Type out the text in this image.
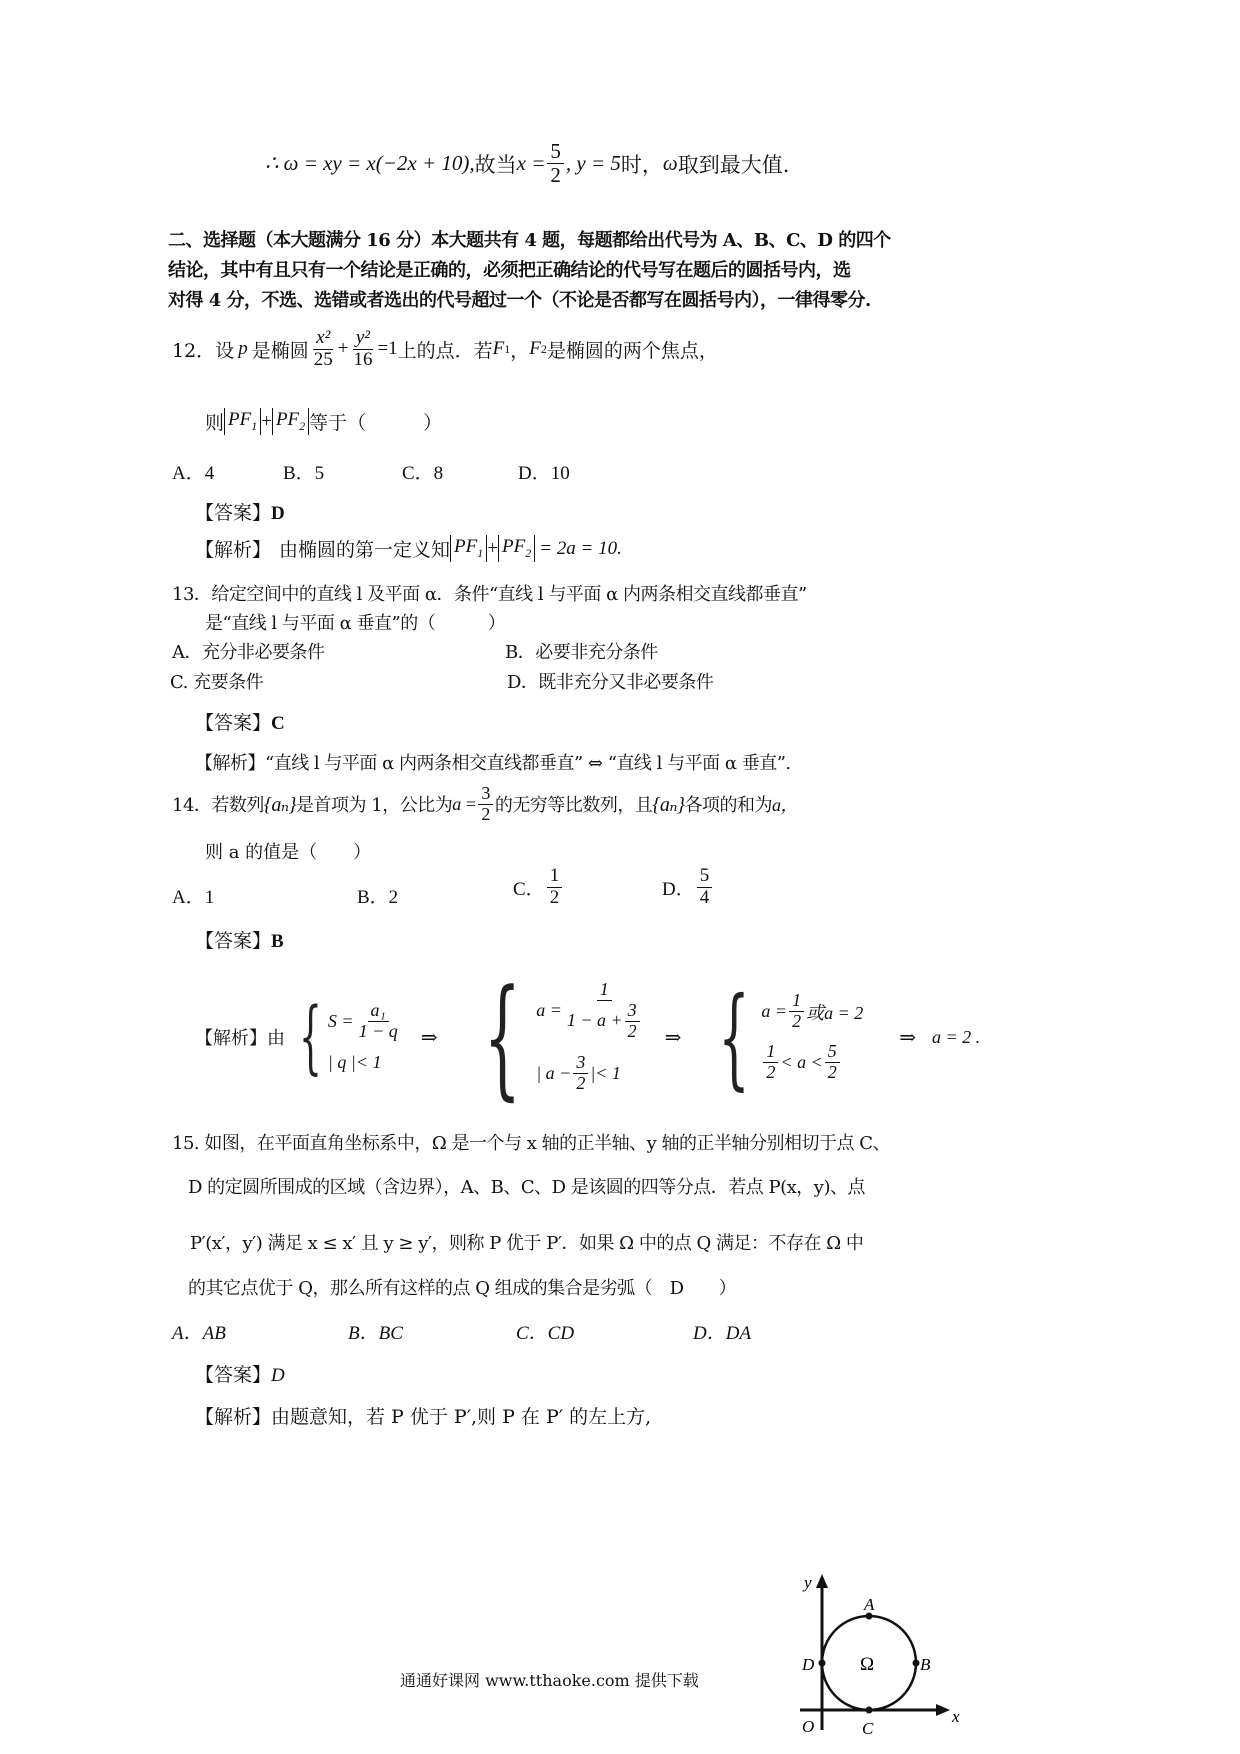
∴ ω = xy = x(−2x + 10), 故当 $x = \frac{5}{2}$ , y = 5 时， ω 取到最大值.
二、选择题（本大题满分 16 分）本大题共有 4 题，每题都给出代号为 A、B、C、D 的四个
结论，其中有且只有一个结论是正确的，必须把正确结论的代号写在题后的圆括号内，选
对得 4 分，不选、选错或者选出的代号超过一个（不论是否都写在圆括号内），一律得零分.
12． 设 p 是椭圆 $\frac{\text{x²}}{25} + \frac{\text{y²}}{16} =1$ 上的点．若 F 1 ， F 2 是椭圆的两个焦点，
则 $PF_1 + PF_2$ 等于（　　　）
A．4	B．5	C．8	D．10
【答案】D
【解析】 由椭圆的第一定义知 $PF_1 + PF_2 = 2a = 10$.
13．给定空间中的直线 l 及平面 α．条件“直线 l 与平面 α 内两条相交直线都垂直”
是“直线 l 与平面 α 垂直”的（　　　）
A．充分非必要条件	B．必要非充分条件
C. 充要条件	D．既非充分又非必要条件
【答案】C
【解析】“直线 l 与平面 α 内两条相交直线都垂直” ⇔ “直线 l 与平面 α 垂直”.
14． 若数列 {aₙ} 是首项为 1，公比为 $a = \frac{3}{2}$ 的无穷等比数列，且 {aₙ} 各项的和为 a，
则 a 的值是（　　）
A．1	B．2	C． $\frac{1}{2}$	D． $\frac{5}{4}$
【答案】B
【解析】 由 { $S = \frac{\text{a₁}}{1 - q}$
| q |< 1
⇒ { $a = \frac{1}{1 - a + \frac{3}{2}}$
| $a - \frac{3}{2}$ |< 1
⇒ { $a = \frac{1}{2}$ 或a = 2
$\frac{1}{2} < a < \frac{5}{2}$
⇒ a = 2 .
15. 如图，在平面直角坐标系中，Ω 是一个与 x 轴的正半轴、y 轴的正半轴分别相切于点 C、
D 的定圆所围成的区域（含边界），A、B、C、D 是该圆的四等分点．若点 P(x，y)、点
P′(x′，y′) 满足 x ≤ x′ 且 y ≥ y′，则称 P 优于 P′．如果 Ω 中的点 Q 满足：不存在 Ω 中
的其它点优于 Q，那么所有这样的点 Q 组成的集合是劣弧（　D　　）
A．AB	B．BC	C．CD	D．DA
【答案】D
【解析】由题意知，若 P 优于 P′,则 P 在 P′ 的左上方,
y
x
O
A
B
C
D Ω
通通好课网 www.tthaoke.com 提供下载
